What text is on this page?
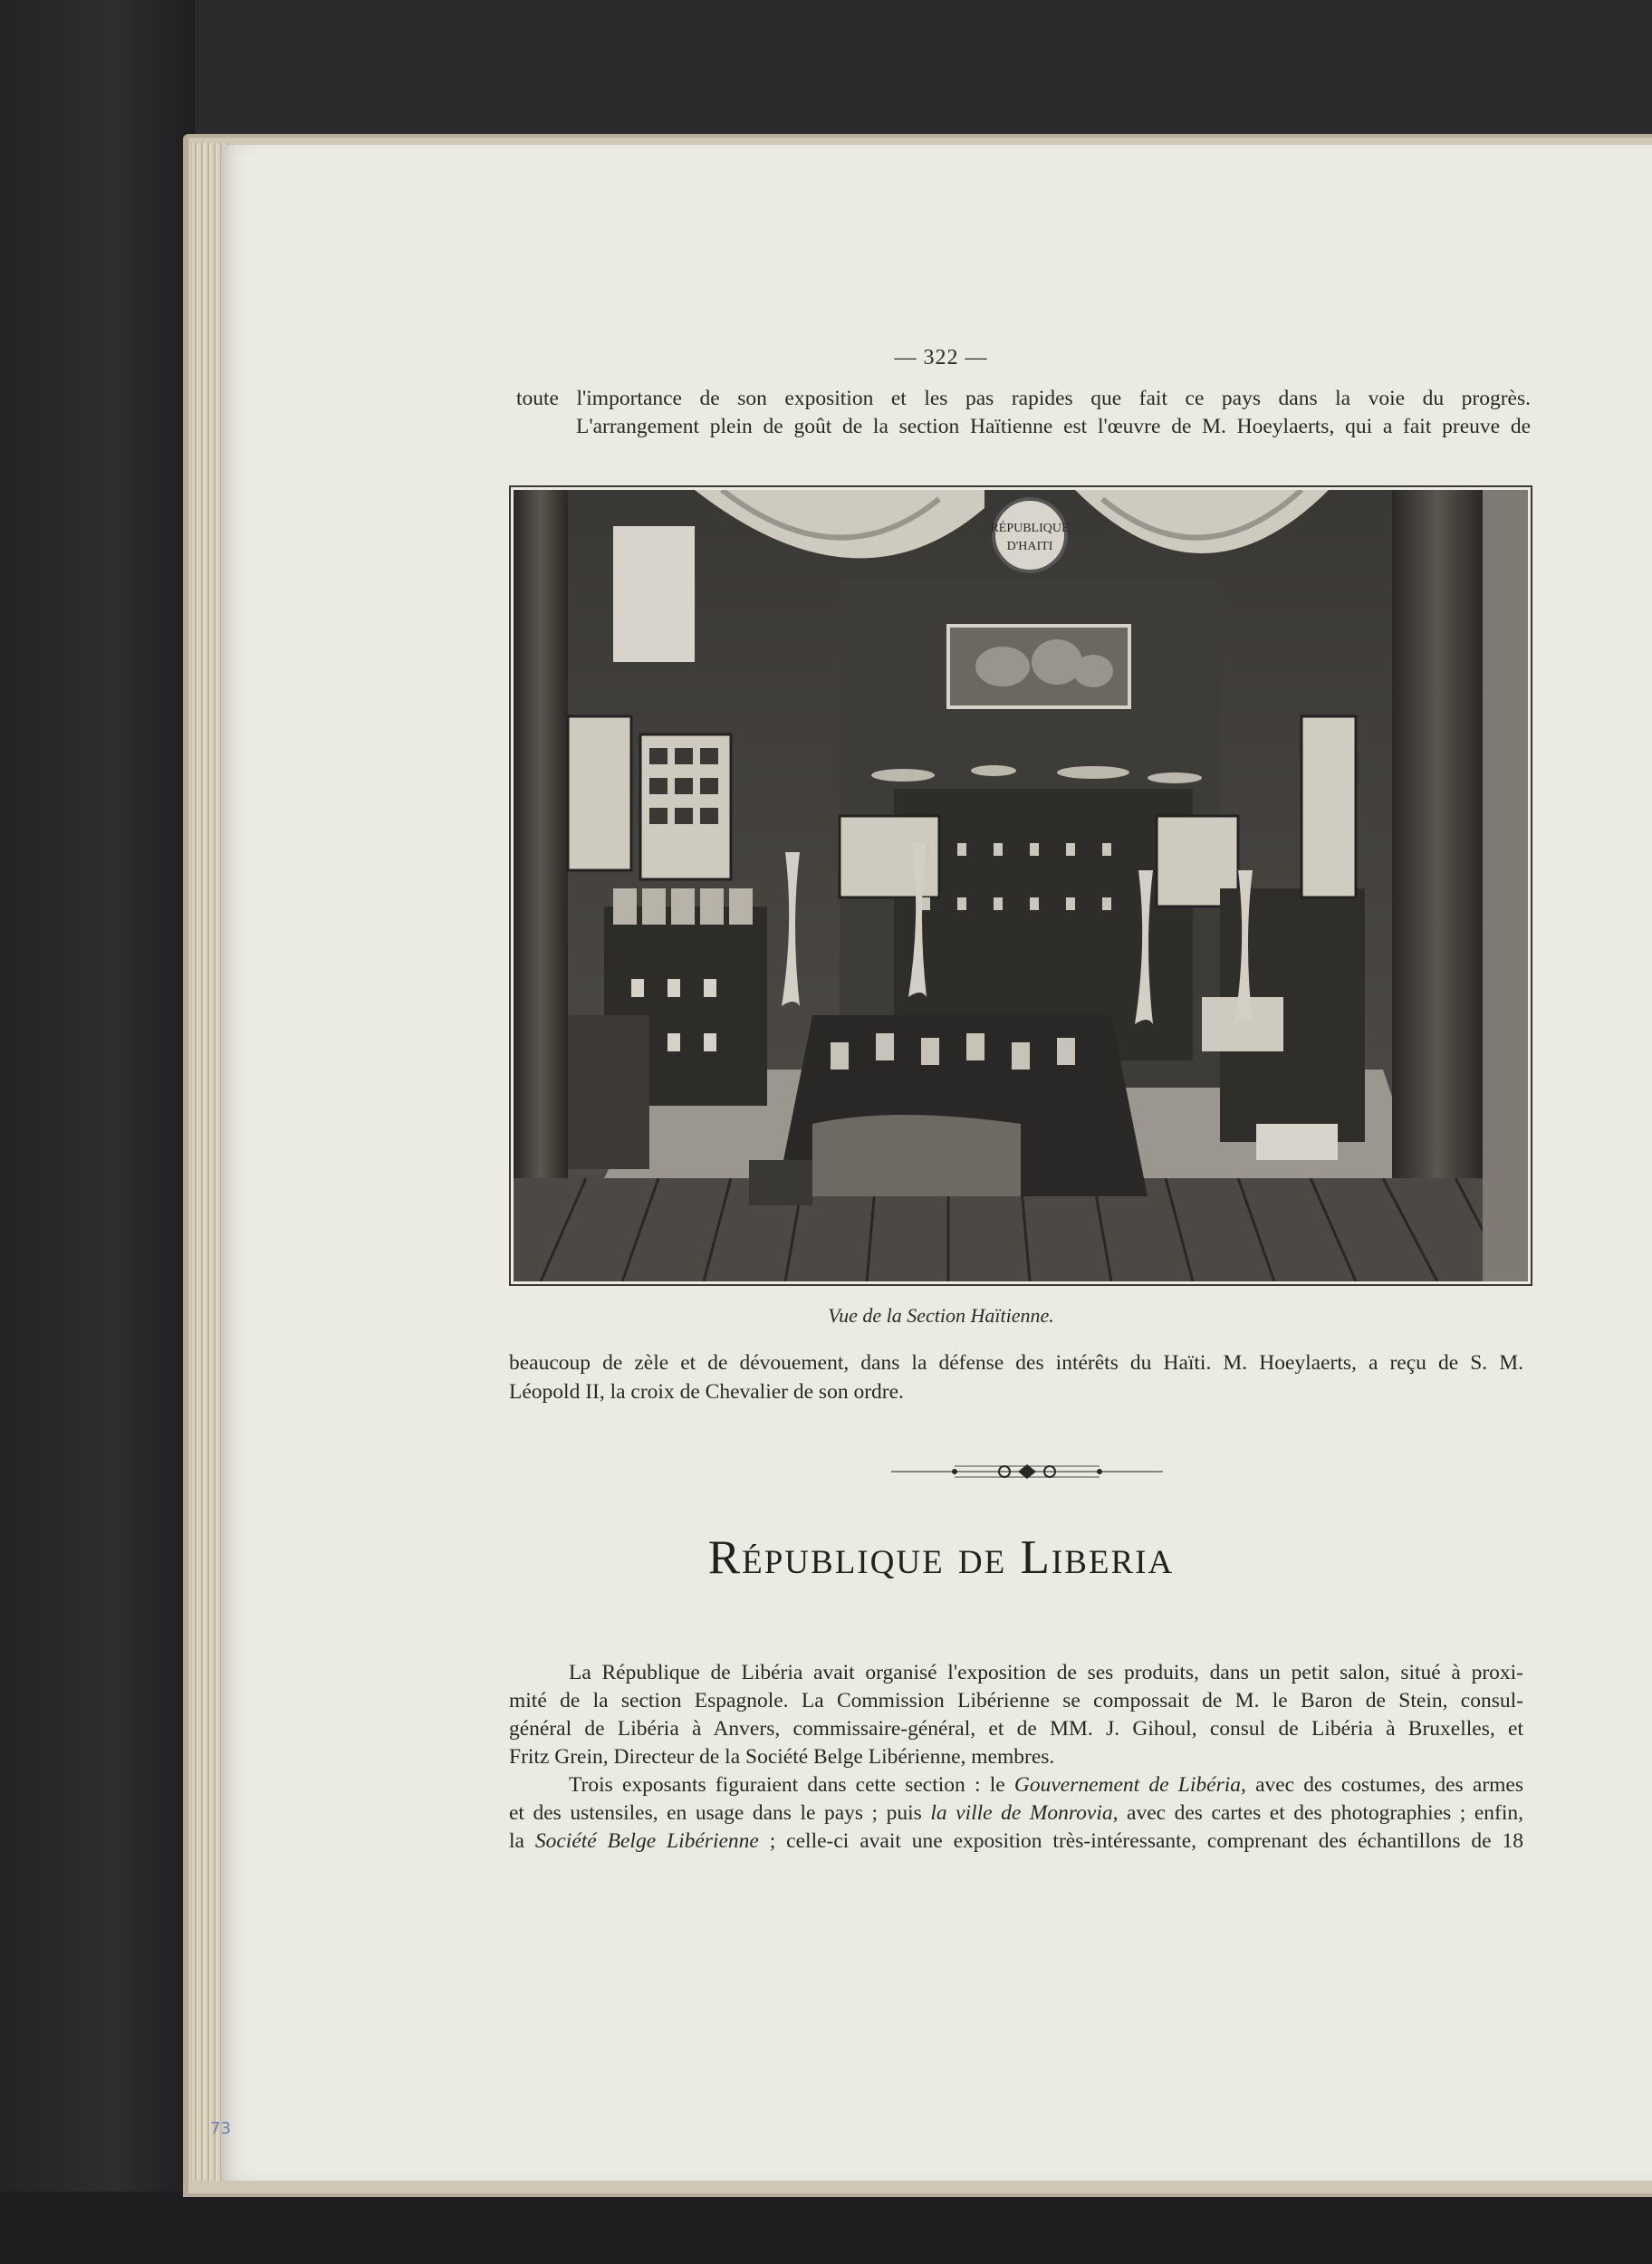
— 322 —

toute l'importance de son exposition et les pas rapides que fait ce pays dans la voie du progrès.

L'arrangement plein de goût de la section Haïtienne est l'œuvre de M. Hoeylaerts, qui a fait preuve de

RÉPUBLIQUE
D'HAITI
Vue de la Section Haïtienne.

beaucoup de zèle et de dévouement, dans la défense des intérêts du Haïti. M. Hoeylaerts, a reçu de S. M.

Léopold II, la croix de Chevalier de son ordre.

République de Liberia

La République de Libéria avait organisé l'exposition de ses produits, dans un petit salon, situé à proxi-

mité de la section Espagnole. La Commission Libérienne se compossait de M. le Baron de Stein, consul-

général de Libéria à Anvers, commissaire-général, et de MM. J. Gihoul, consul de Libéria à Bruxelles, et

Fritz Grein, Directeur de la Société Belge Libérienne, membres.

Trois exposants figuraient dans cette section : le Gouvernement de Libéria, avec des costumes, des armes

et des ustensiles, en usage dans le pays ; puis la ville de Monrovia, avec des cartes et des photographies ; enfin,

la Société Belge Libérienne ; celle-ci avait une exposition très-intéressante, comprenant des échantillons de 18

73
